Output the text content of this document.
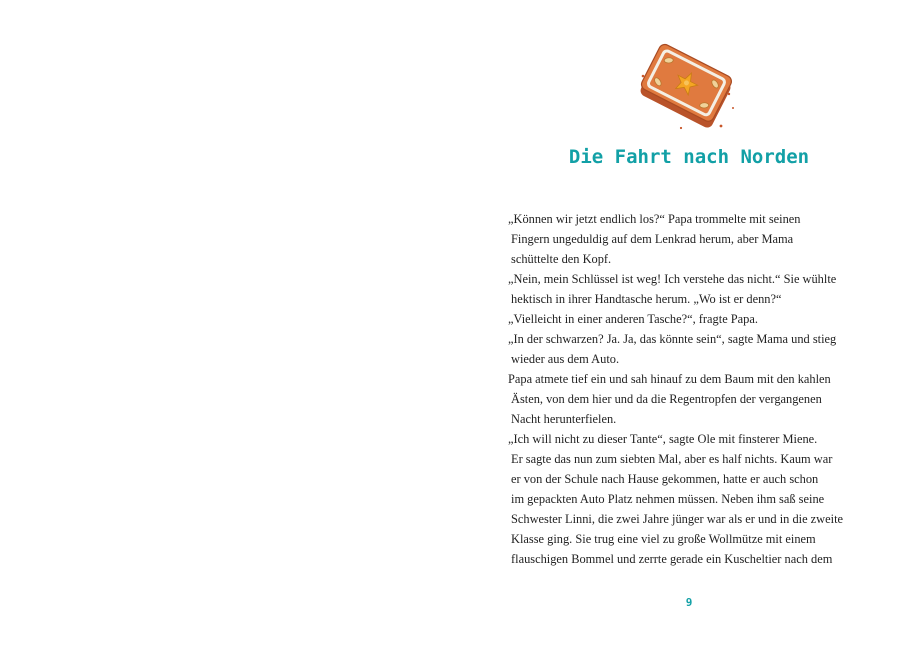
Die Fahrt nach Norden
„Können wir jetzt endlich los?“ Papa trommelte mit seinen
Fingern ungeduldig auf dem Lenkrad herum, aber Mama
schüttelte den Kopf.
„Nein, mein Schlüssel ist weg! Ich verstehe das nicht.“ Sie wühlte
hektisch in ihrer Handtasche herum. „Wo ist er denn?“
„Vielleicht in einer anderen Tasche?“, fragte Papa.
„In der schwarzen? Ja. Ja, das könnte sein“, sagte Mama und stieg
wieder aus dem Auto.
Papa atmete tief ein und sah hinauf zu dem Baum mit den kahlen
Ästen, von dem hier und da die Regentropfen der vergangenen
Nacht herunterfielen.
„Ich will nicht zu dieser Tante“, sagte Ole mit finsterer Miene.
Er sagte das nun zum siebten Mal, aber es half nichts. Kaum war
er von der Schule nach Hause gekommen, hatte er auch schon
im gepackten Auto Platz nehmen müssen. Neben ihm saß seine
Schwester Linni, die zwei Jahre jünger war als er und in die zweite
Klasse ging. Sie trug eine viel zu große Wollmütze mit einem
flauschigen Bommel und zerrte gerade ein Kuscheltier nach dem
9
